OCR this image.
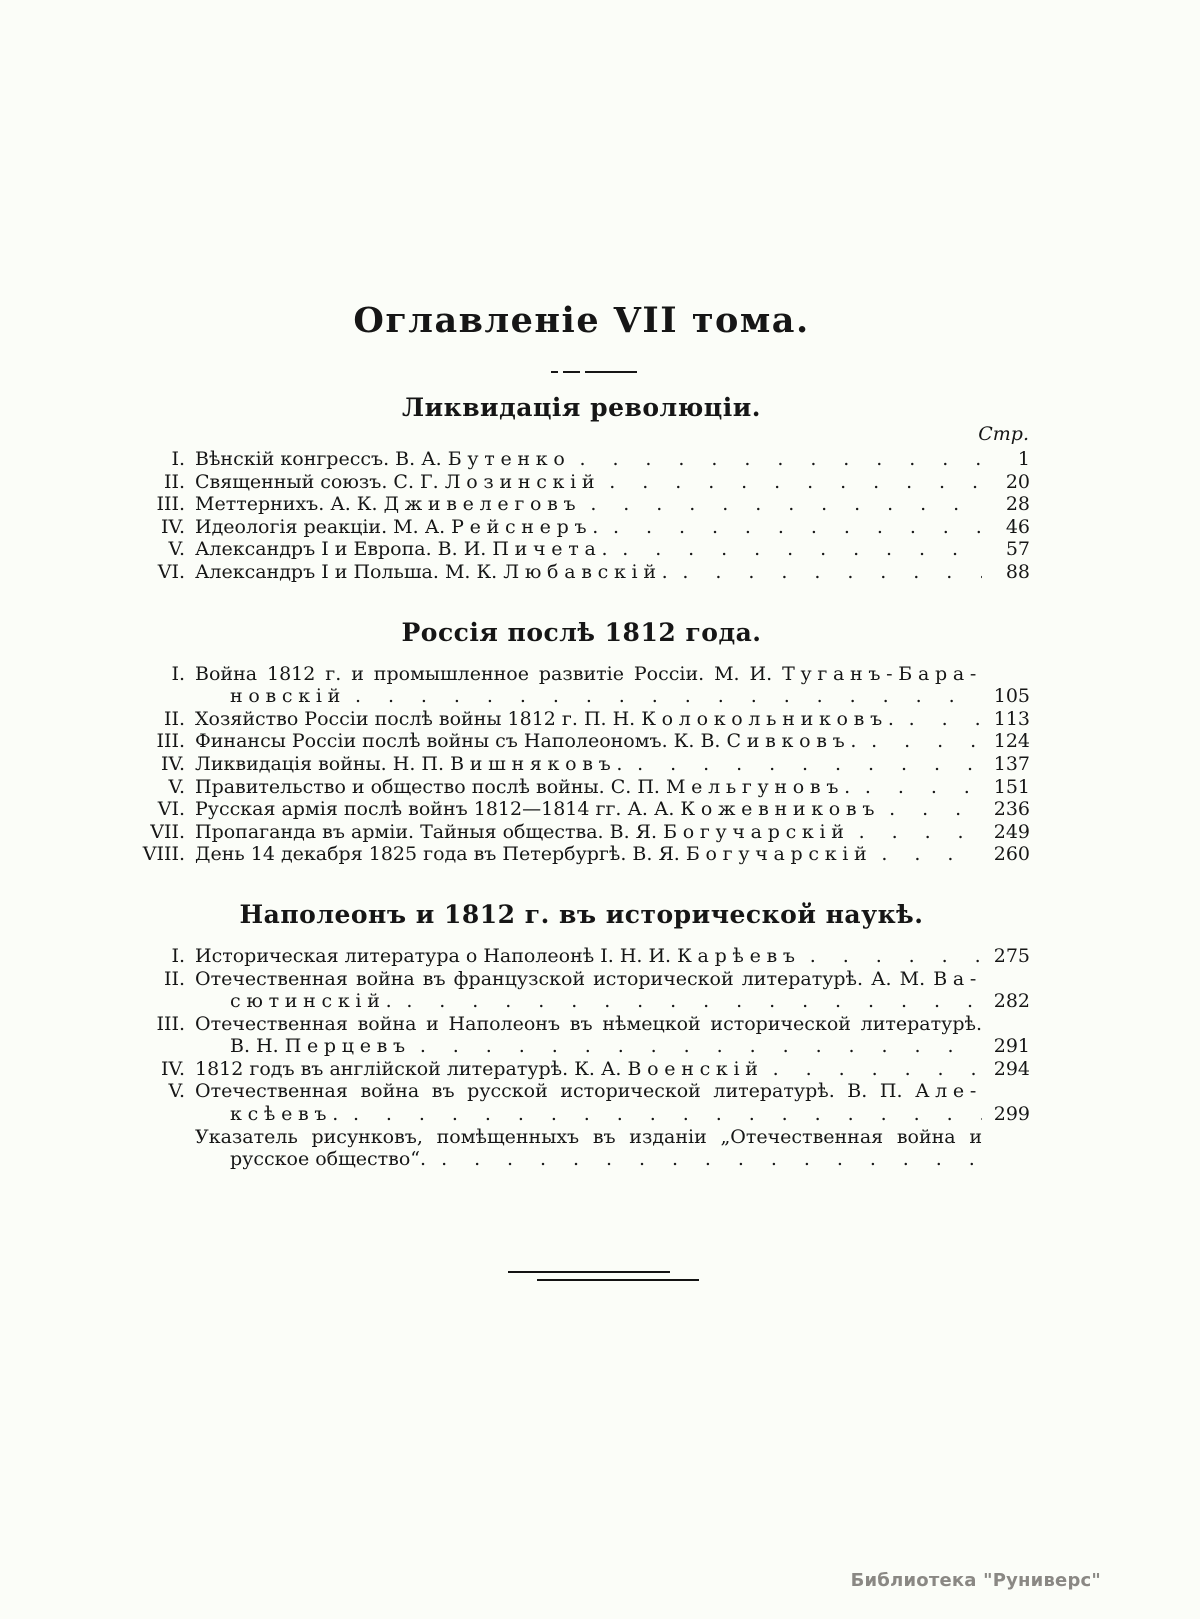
Оглавленіе VII тома.
Ликвидація революціи.
Стр.
I. Вѣнскій конгрессъ. В. А. Бутенко . . .	1
II. Священный союзъ. С. Г. Лозинскій . . .	20
III. Меттернихъ. А. К. Дживелеговъ . . .	28
IV. Идеологія реакціи. М. А. Рейснеръ. . . .	46
V. Александръ I и Европа. В. И. Пичета. . . .	57
VI. Александръ I и Польша. М. К. Любавскій. . . .	88
Россія послѣ 1812 года.
I. Война 1812 г. и промышленное развитіе Россіи. М. И. Туганъ-Бара-
новскій . . .	105
II. Хозяйство Россіи послѣ войны 1812 г. П. Н. Колокольниковъ. . . .	113
III. Финансы Россіи послѣ войны съ Наполеономъ. К. В. Сивковъ. . . .	124
IV. Ликвидація войны. Н. П. Вишняковъ. . . .	137
V. Правительство и общество послѣ войны. С. П. Мельгуновъ. . . .	151
VI. Русская армія послѣ войнъ 1812—1814 гг. А. А. Кожевниковъ . . .	236
VII. Пропаганда въ арміи. Тайныя общества. В. Я. Богучарскій . . .	249
VIII. День 14 декабря 1825 года въ Петербургѣ. В. Я. Богучарскій . . .	260
Наполеонъ и 1812 г. въ исторической наукѣ.
I. Историческая литература о Наполеонѣ I. Н. И. Карѣевъ . . .	275
II. Отечественная война въ французской исторической литературѣ. А. М. Ва-
сютинскій. . . .	282
III. Отечественная война и Наполеонъ въ нѣмецкой исторической литературѣ.
В. Н. Перцевъ . . .	291
IV. 1812 годъ въ англійской литературѣ. К. А. Военскій . . .	294
V. Отечественная война въ русской исторической литературѣ. В. П. Але-
ксѣевъ. . . .	299
Указатель рисунковъ, помѣщенныхъ въ изданіи „Отечественная война и
русское общество“.
. . .
Библиотека "Руниверс"
